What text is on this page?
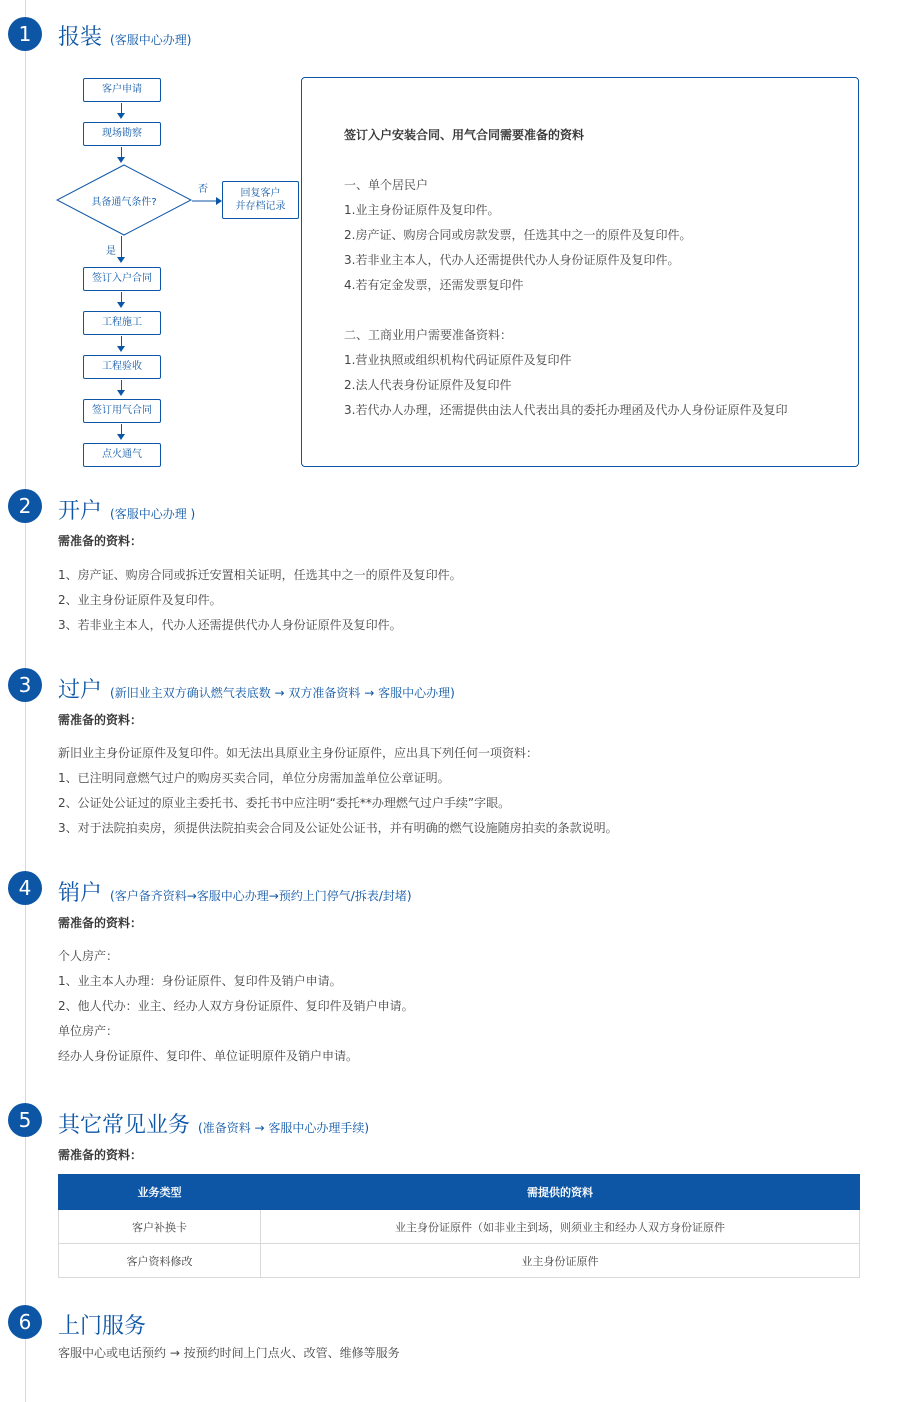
1	报装 (客服中心办理)
客户申请
现场勘察
具备通气条件?
否	回复客户
并存档记录
是
签订入户合同
工程施工
工程验收
签订用气合同
点火通气
签订入户安装合同、用气合同需要准备的资料
一、单个居民户
1.业主身份证原件及复印件。
2.房产证、购房合同或房款发票，任选其中之一的原件及复印件。
3.若非业主本人，代办人还需提供代办人身份证原件及复印件。
4.若有定金发票，还需发票复印件
二、工商业用户需要准备资料：
1.营业执照或组织机构代码证原件及复印件
2.法人代表身份证原件及复印件
3.若代办人办理，还需提供由法人代表出具的委托办理函及代办人身份证原件及复印
2	开户 (客服中心办理 )
需准备的资料：
1、房产证、购房合同或拆迁安置相关证明，任选其中之一的原件及复印件。
2、业主身份证原件及复印件。
3、若非业主本人，代办人还需提供代办人身份证原件及复印件。
3	过户 (新旧业主双方确认燃气表底数 → 双方准备资料 → 客服中心办理)
需准备的资料：
新旧业主身份证原件及复印件。如无法出具原业主身份证原件，应出具下列任何一项资料：
1、已注明同意燃气过户的购房买卖合同，单位分房需加盖单位公章证明。
2、公证处公证过的原业主委托书、委托书中应注明“委托**办理燃气过户手续”字眼。
3、对于法院拍卖房，须提供法院拍卖会合同及公证处公证书，并有明确的燃气设施随房拍卖的条款说明。
4	销户 (客户备齐资料→客服中心办理→预约上门停气/拆表/封堵)
需准备的资料：
个人房产：
1、业主本人办理：身份证原件、复印件及销户申请。
2、他人代办：业主、经办人双方身份证原件、复印件及销户申请。
单位房产：
经办人身份证原件、复印件、单位证明原件及销户申请。
5	其它常见业务 (准备资料 → 客服中心办理手续)
需准备的资料：
业务类型	需提供的资料
客户补换卡	业主身份证原件（如非业主到场，则须业主和经办人双方身份证原件
客户资料修改	业主身份证原件
6	上门服务
客服中心或电话预约 → 按预约时间上门点火、改管、维修等服务
